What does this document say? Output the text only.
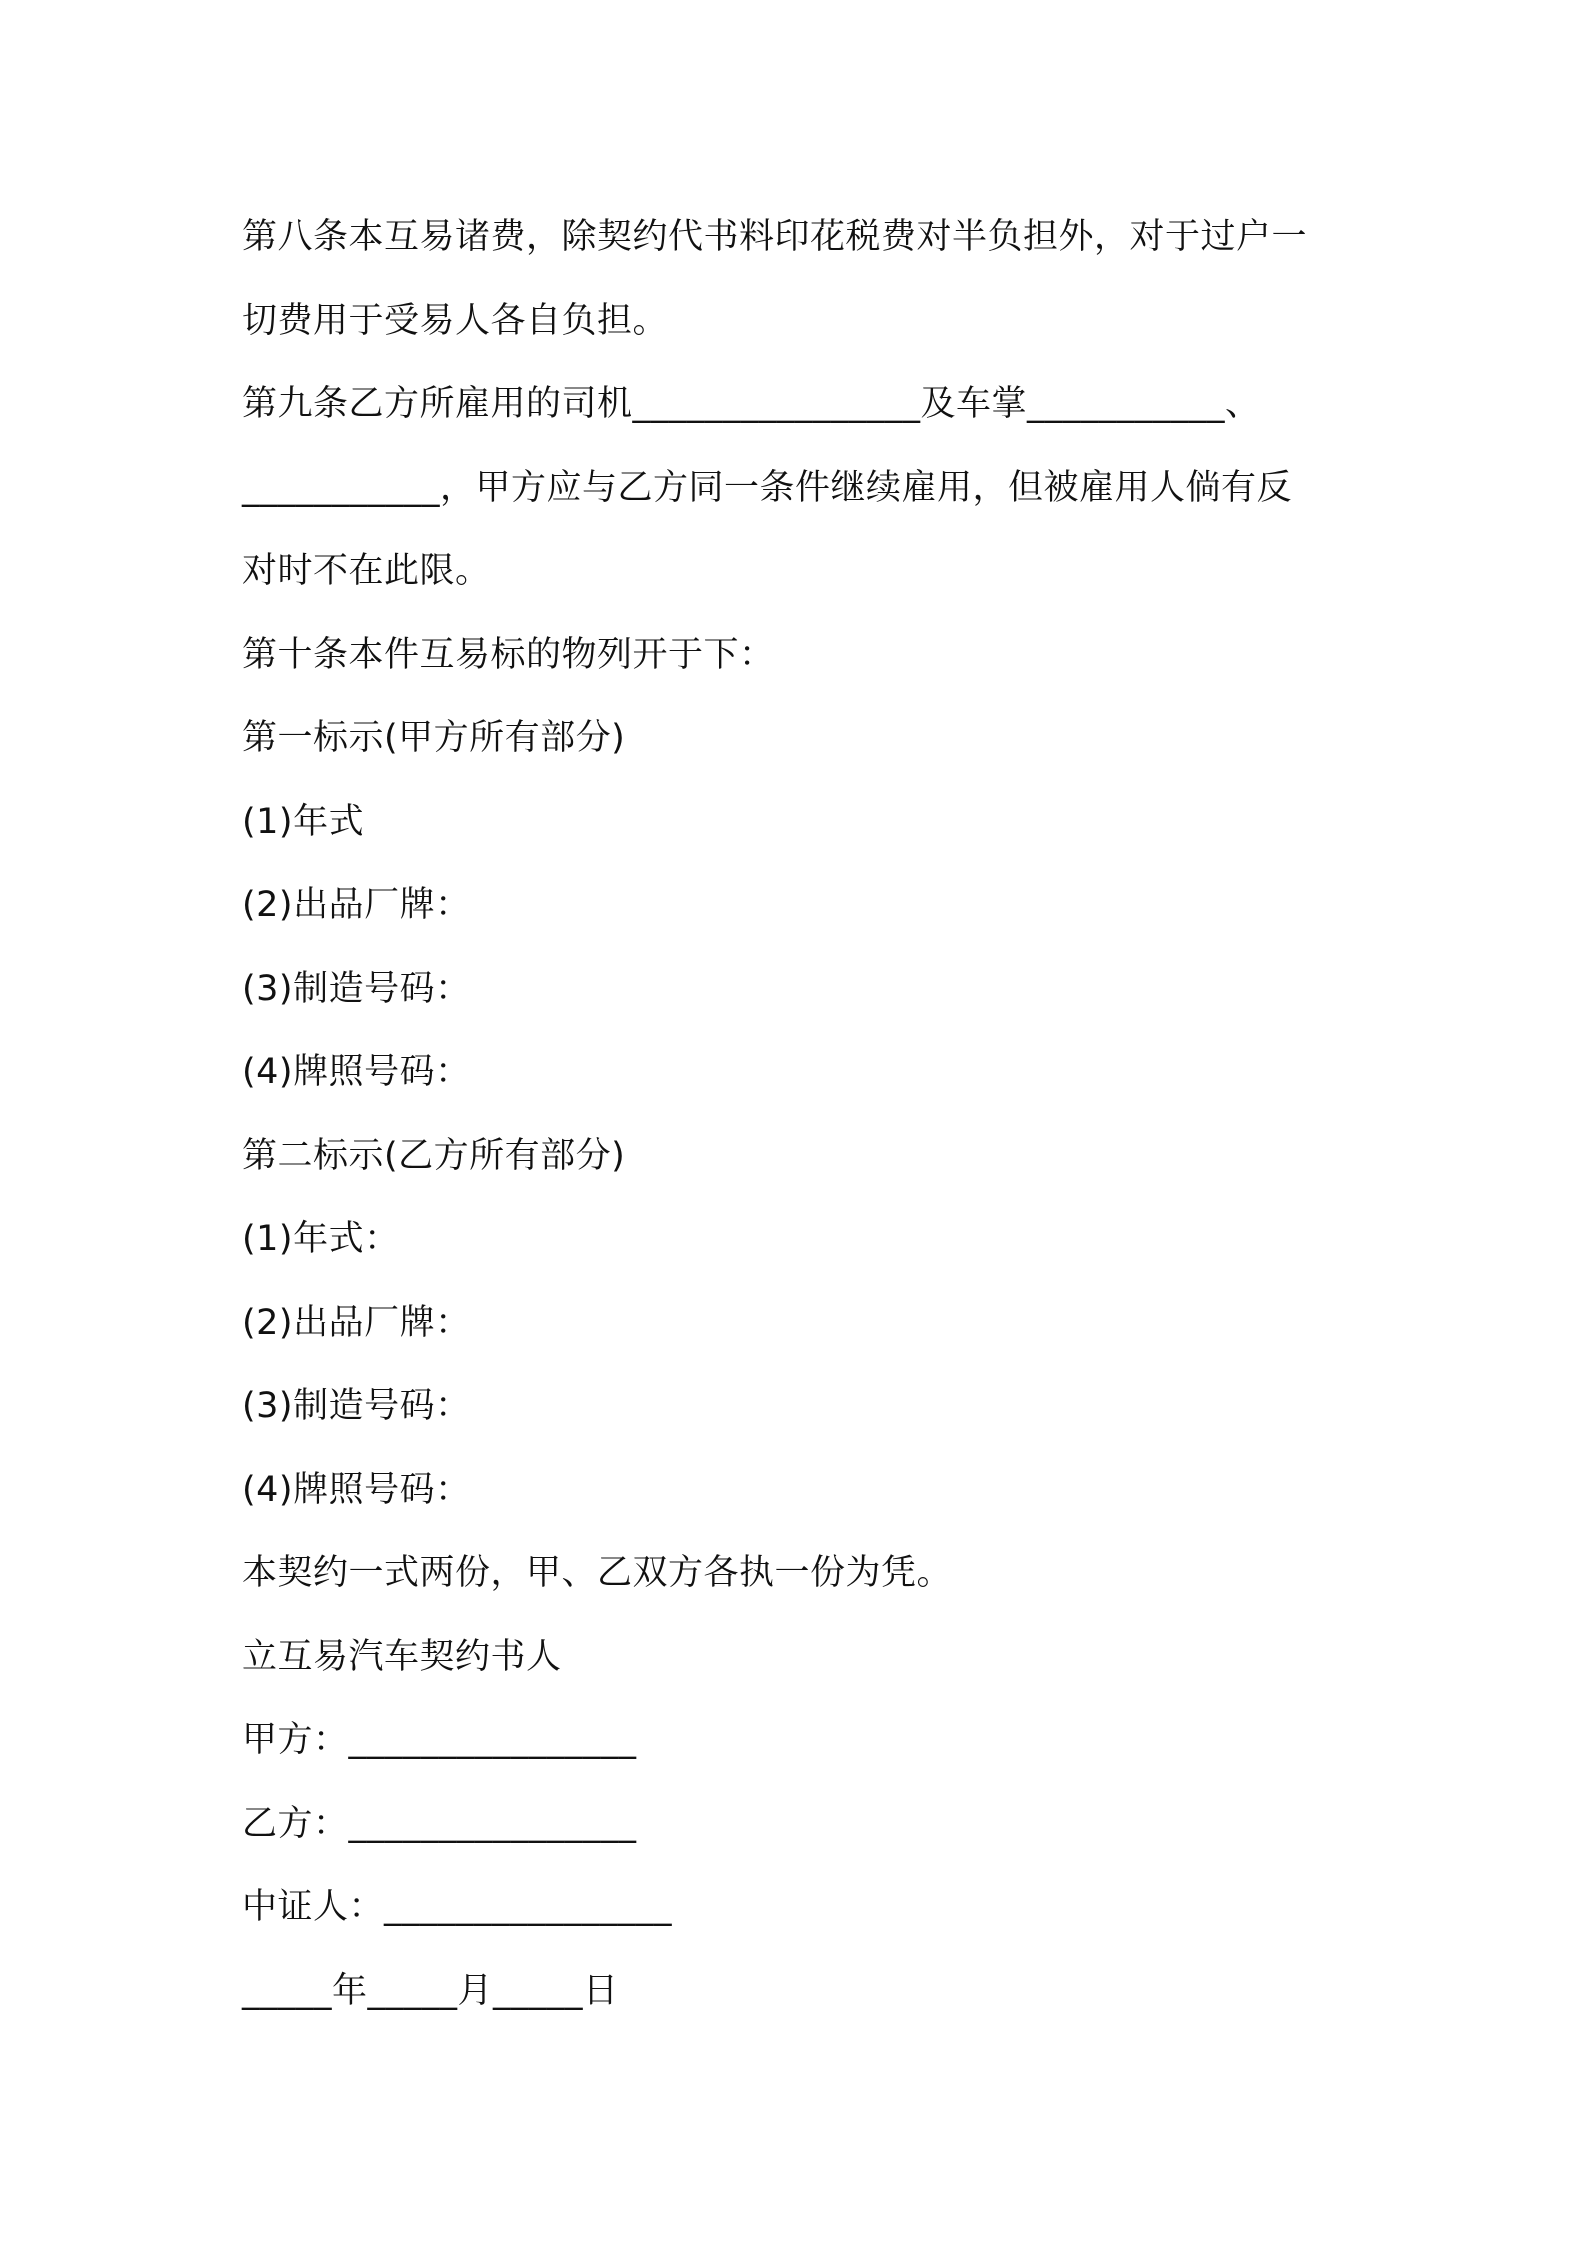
第八条本互易诸费，除契约代书料印花税费对半负担外，对于过户一
切费用于受易人各自负担。
第九条乙方所雇用的司机________________及车掌___________、
___________，甲方应与乙方同一条件继续雇用，但被雇用人倘有反
对时不在此限。
第十条本件互易标的物列开于下：
第一标示(甲方所有部分)
(1)年式
(2)出品厂牌：
(3)制造号码：
(4)牌照号码：
第二标示(乙方所有部分)
(1)年式：
(2)出品厂牌：
(3)制造号码：
(4)牌照号码：
本契约一式两份，甲、乙双方各执一份为凭。
立互易汽车契约书人
甲方：________________
乙方：________________
中证人：________________
_____年_____月_____日
